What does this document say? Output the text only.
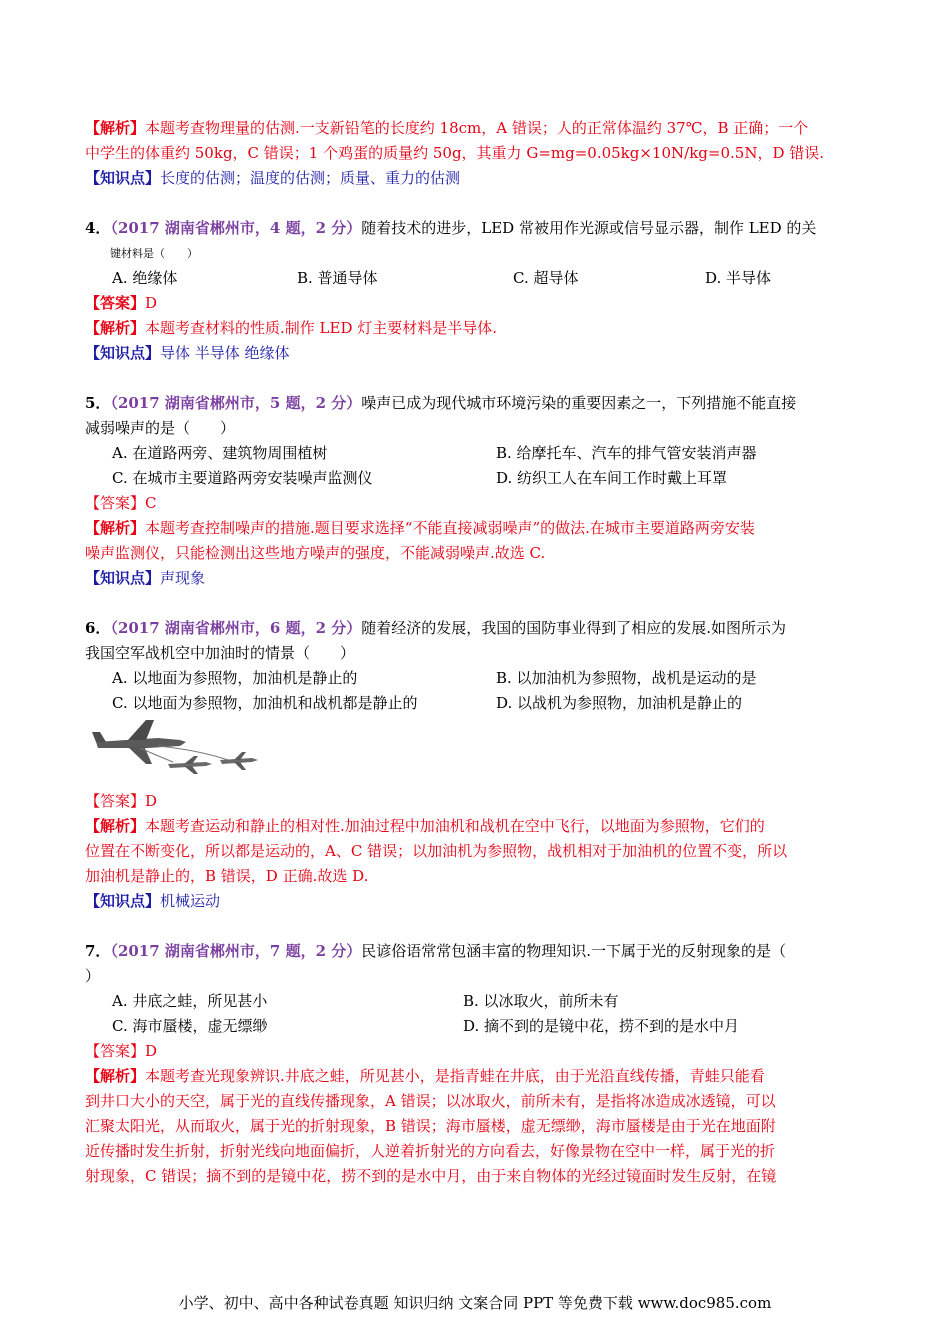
【解析】本题考查物理量的估测.一支新铅笔的长度约 18cm，A 错误；人的正常体温约 37℃，B 正确；一个
中学生的体重约 50kg，C 错误；1 个鸡蛋的质量约 50g，其重力 G=mg=0.05kg×10N/kg=0.5N，D 错误.
【知识点】长度的估测；温度的估测；质量、重力的估测
4．（2017 湖南省郴州市，4 题，2 分）随着技术的进步，LED 常被用作光源或信号显示器，制作 LED 的关
键材料是（　　）
A. 绝缘体	B. 普通导体	C. 超导体	D. 半导体
【答案】D
【解析】本题考查材料的性质.制作 LED 灯主要材料是半导体.
【知识点】导体 半导体 绝缘体
5．（2017 湖南省郴州市，5 题，2 分）噪声已成为现代城市环境污染的重要因素之一，下列措施不能直接
减弱噪声的是（　　）
A. 在道路两旁、建筑物周围植树	B. 给摩托车、汽车的排气管安装消声器
C. 在城市主要道路两旁安装噪声监测仪	D. 纺织工人在车间工作时戴上耳罩
【答案】C
【解析】本题考查控制噪声的措施.题目要求选择“不能直接减弱噪声”的做法.在城市主要道路两旁安装
噪声监测仪，只能检测出这些地方噪声的强度，不能减弱噪声.故选 C.
【知识点】声现象
6．（2017 湖南省郴州市，6 题，2 分）随着经济的发展，我国的国防事业得到了相应的发展.如图所示为
我国空军战机空中加油时的情景（　　）
A. 以地面为参照物，加油机是静止的	B. 以加油机为参照物，战机是运动的是
C. 以地面为参照物，加油机和战机都是静止的	D. 以战机为参照物，加油机是静止的
【答案】D
【解析】本题考查运动和静止的相对性.加油过程中加油机和战机在空中飞行，以地面为参照物，它们的
位置在不断变化，所以都是运动的，A、C 错误；以加油机为参照物，战机相对于加油机的位置不变，所以
加油机是静止的，B 错误，D 正确.故选 D.
【知识点】机械运动
7．（2017 湖南省郴州市，7 题，2 分）民谚俗语常常包涵丰富的物理知识.一下属于光的反射现象的是（
）
A. 井底之蛙，所见甚小	B. 以冰取火，前所未有
C. 海市蜃楼，虚无缥缈	D. 摘不到的是镜中花，捞不到的是水中月
【答案】D
【解析】本题考查光现象辨识.井底之蛙，所见甚小，是指青蛙在井底，由于光沿直线传播，青蛙只能看
到井口大小的天空，属于光的直线传播现象，A 错误；以冰取火，前所未有，是指将冰造成冰透镜，可以
汇聚太阳光，从而取火，属于光的折射现象，B 错误；海市蜃楼，虚无缥缈，海市蜃楼是由于光在地面附
近传播时发生折射，折射光线向地面偏折，人逆着折射光的方向看去，好像景物在空中一样，属于光的折
射现象，C 错误；摘不到的是镜中花，捞不到的是水中月，由于来自物体的光经过镜面时发生反射，在镜
小学、初中、高中各种试卷真题 知识归纳 文案合同 PPT 等免费下载 www.doc985.com
